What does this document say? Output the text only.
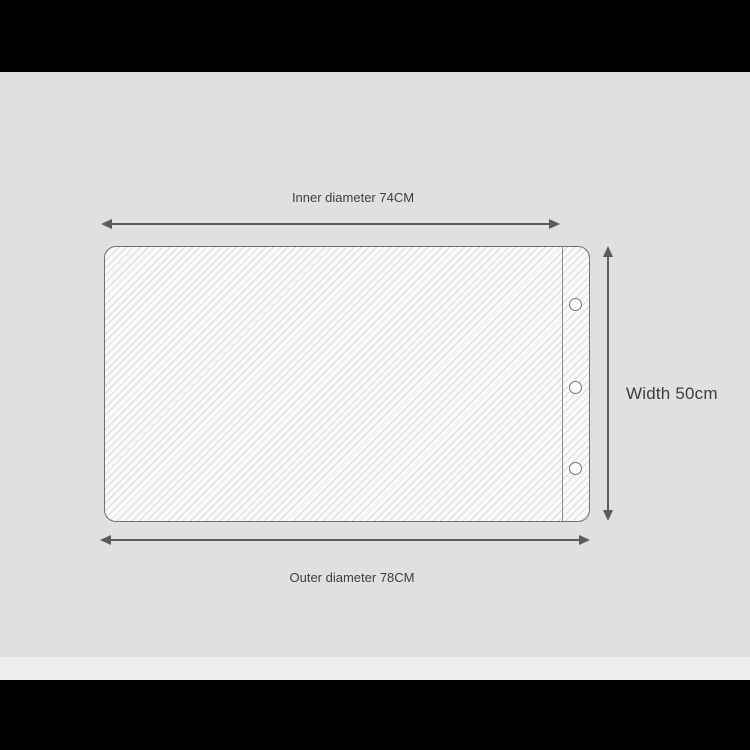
Inner diameter 74CM
Width 50cm
Outer diameter 78CM
